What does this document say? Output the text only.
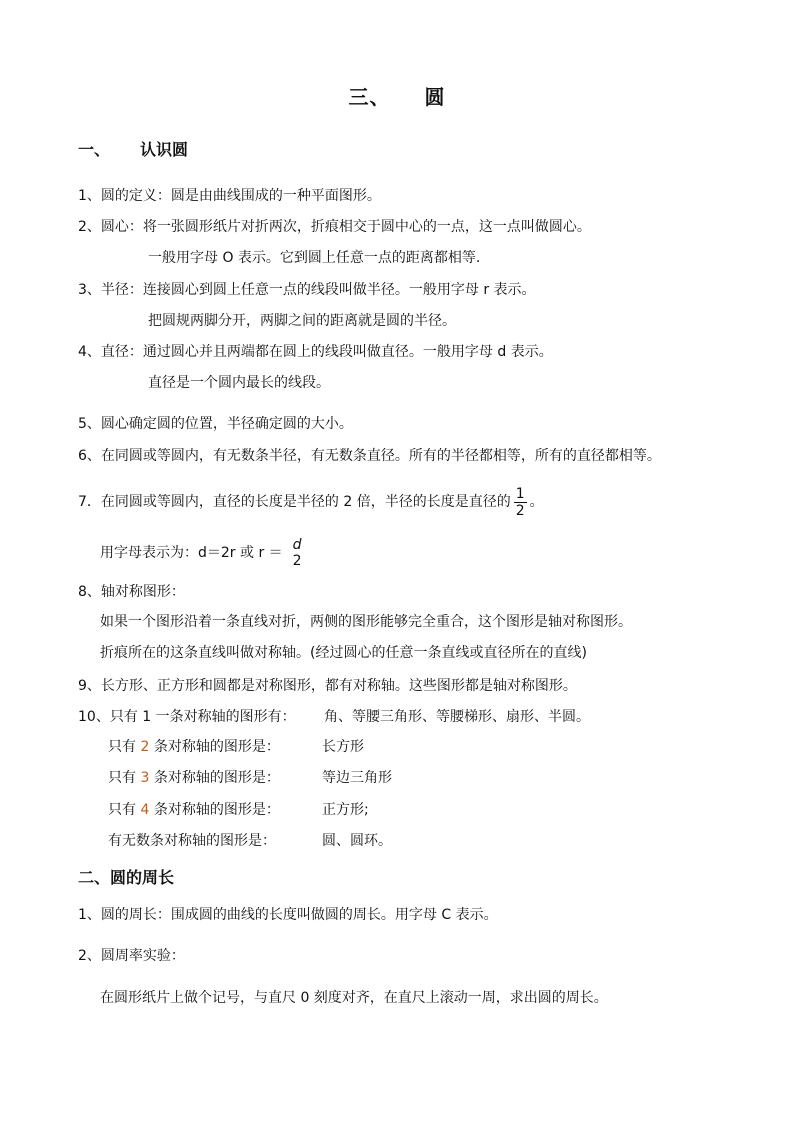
三、 圆
一、 认识圆
1、圆的定义：圆是由曲线围成的一种平面图形。
2、圆心：将一张圆形纸片对折两次，折痕相交于圆中心的一点，这一点叫做圆心。
一般用字母 O 表示。它到圆上任意一点的距离都相等.
3、半径：连接圆心到圆上任意一点的线段叫做半径。一般用字母 r 表示。
把圆规两脚分开，两脚之间的距离就是圆的半径。
4、直径：通过圆心并且两端都在圆上的线段叫做直径。一般用字母 d 表示。
直径是一个圆内最长的线段。
5、圆心确定圆的位置，半径确定圆的大小。
6、在同圆或等圆内，有无数条半径，有无数条直径。所有的半径都相等，所有的直径都相等。
7．在同圆或等圆内，直径的长度是半径的 2 倍，半径的长度是直径的 $\frac{1}{2}$ 。
用字母表示为：d＝2r 或 r ＝ d
2
8、轴对称图形：
如果一个图形沿着一条直线对折，两侧的图形能够完全重合，这个图形是轴对称图形。
折痕所在的这条直线叫做对称轴。(经过圆心的任意一条直线或直径所在的直线)
9、长方形、正方形和圆都是对称图形，都有对称轴。这些图形都是轴对称图形。
10、只有 1 一条对称轴的图形有： 角、等腰三角形、等腰梯形、扇形、半圆。
只有 2 条对称轴的图形是：	长方形
只有 3 条对称轴的图形是：	等边三角形
只有 4 条对称轴的图形是：	正方形;
有无数条对称轴的图形是：	圆、圆环。
二、圆的周长
1、圆的周长：围成圆的曲线的长度叫做圆的周长。用字母 C 表示。
2、圆周率实验：
在圆形纸片上做个记号，与直尺 0 刻度对齐，在直尺上滚动一周，求出圆的周长。
